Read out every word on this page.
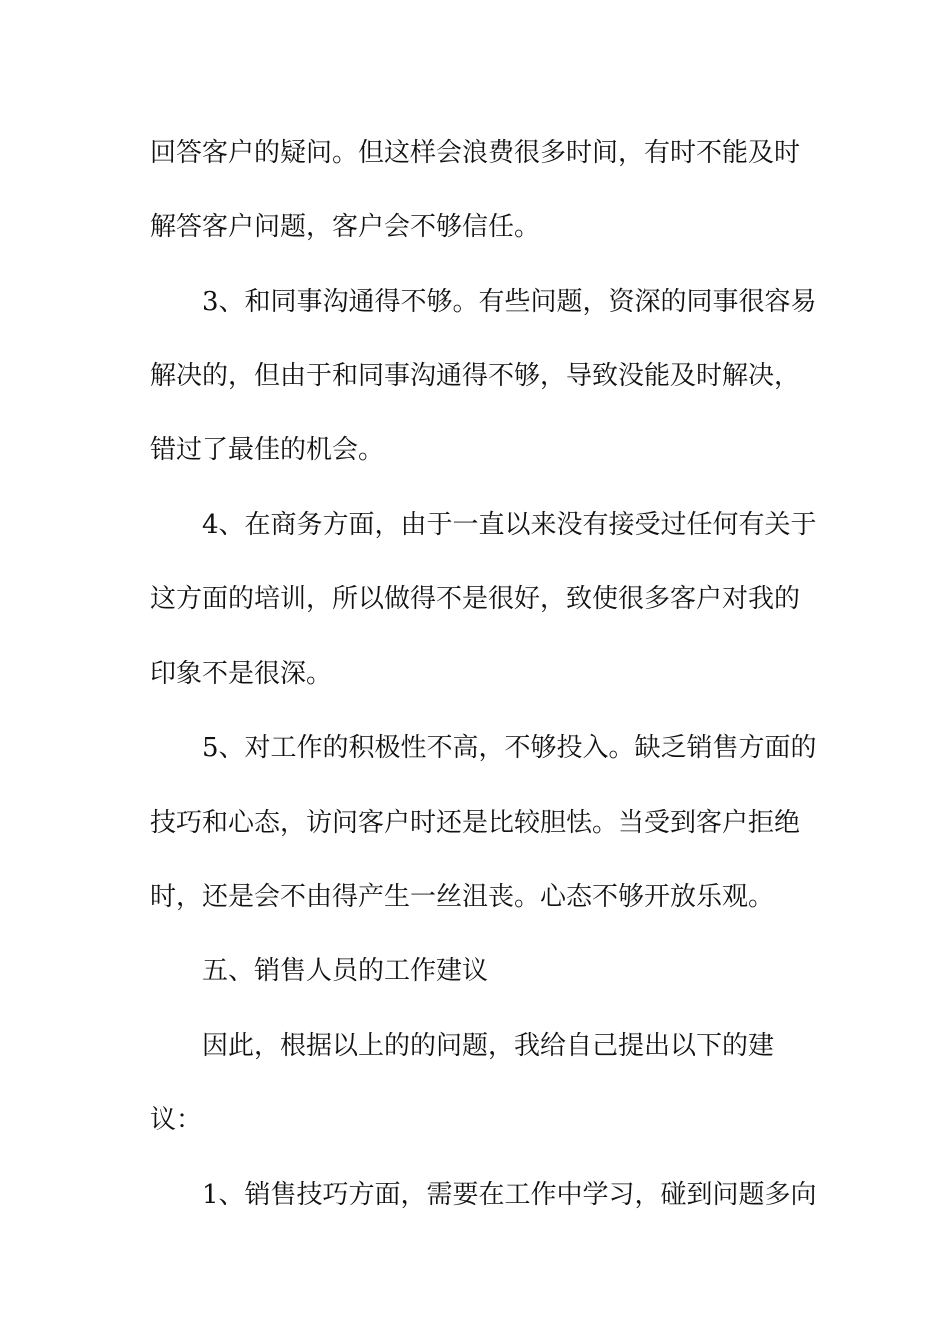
回答客户的疑问。但这样会浪费很多时间，有时不能及时
解答客户问题，客户会不够信任。
3、和同事沟通得不够。有些问题，资深的同事很容易
解决的，但由于和同事沟通得不够，导致没能及时解决，
错过了最佳的机会。
4、在商务方面，由于一直以来没有接受过任何有关于
这方面的培训，所以做得不是很好，致使很多客户对我的
印象不是很深。
5、对工作的积极性不高，不够投入。缺乏销售方面的
技巧和心态，访问客户时还是比较胆怯。当受到客户拒绝
时，还是会不由得产生一丝沮丧。心态不够开放乐观。
五、销售人员的工作建议
因此，根据以上的的问题，我给自己提出以下的建
议：
1、销售技巧方面，需要在工作中学习，碰到问题多向
